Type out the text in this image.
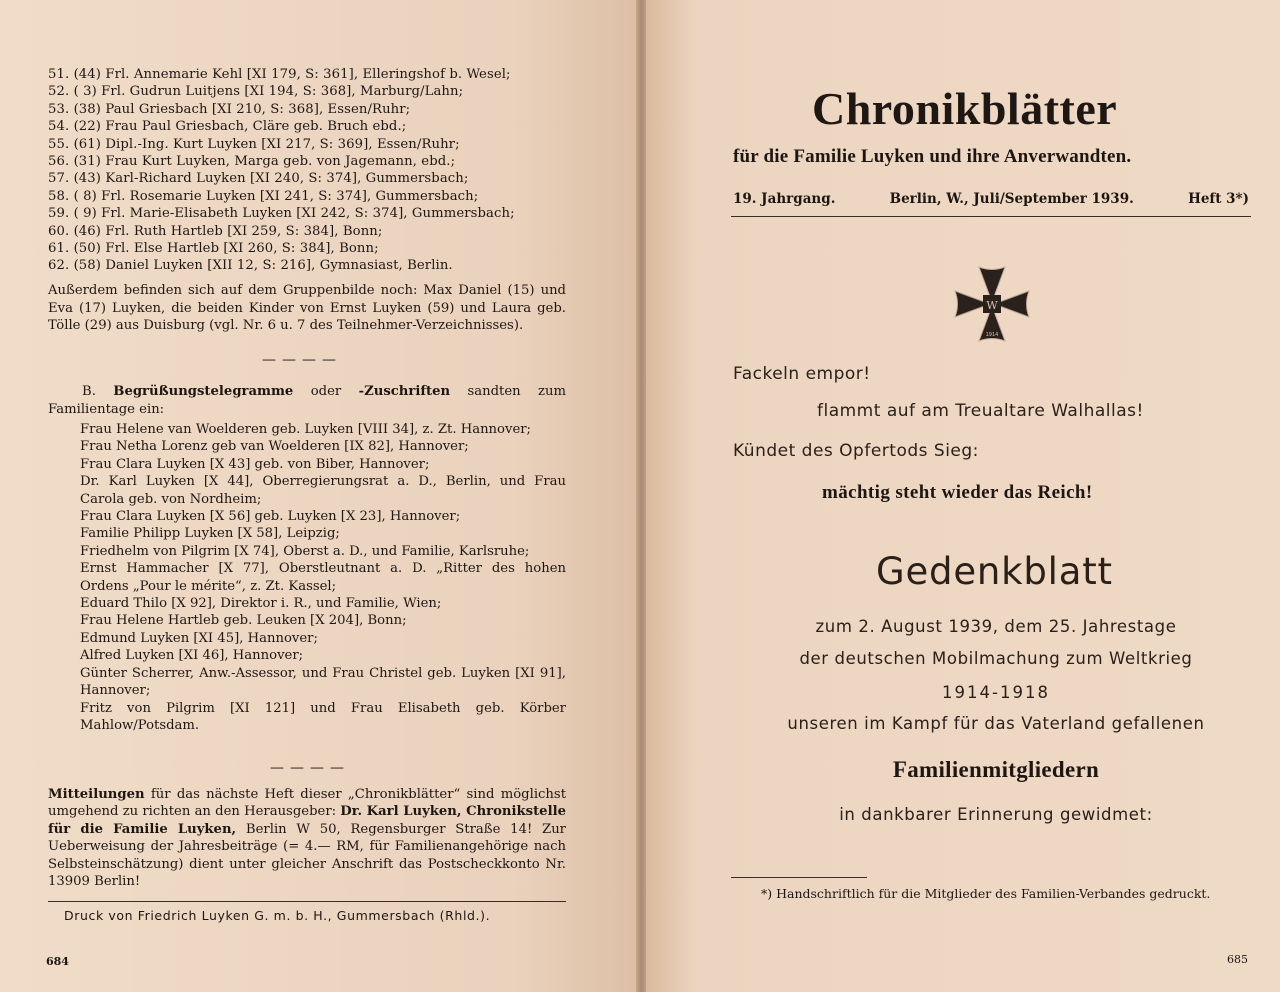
51. (44) Frl. Annemarie Kehl [XI 179, S: 361], Elleringshof b. Wesel;
52. ( 3) Frl. Gudrun Luitjens [XI 194, S: 368], Marburg/Lahn;
53. (38) Paul Griesbach [XI 210, S: 368], Essen/Ruhr;
54. (22) Frau Paul Griesbach, Cläre geb. Bruch ebd.;
55. (61) Dipl.-Ing. Kurt Luyken [XI 217, S: 369], Essen/Ruhr;
56. (31) Frau Kurt Luyken, Marga geb. von Jagemann, ebd.;
57. (43) Karl-Richard Luyken [XI 240, S: 374], Gummersbach;
58. ( 8) Frl. Rosemarie Luyken [XI 241, S: 374], Gummersbach;
59. ( 9) Frl. Marie-Elisabeth Luyken [XI 242, S: 374], Gummersbach;
60. (46) Frl. Ruth Hartleb [XI 259, S: 384], Bonn;
61. (50) Frl. Else Hartleb [XI 260, S: 384], Bonn;
62. (58) Daniel Luyken [XII 12, S: 216], Gymnasiast, Berlin.
Außerdem befinden sich auf dem Gruppenbilde noch: Max Daniel (15) und Eva (17) Luyken, die beiden Kinder von Ernst Luyken (59) und Laura geb. Tölle (29) aus Duisburg (vgl. Nr. 6 u. 7 des Teilnehmer-Verzeichnisses).
————
B. Begrüßungstelegramme oder -Zuschriften sandten zum Familientage ein:
Frau Helene van Woelderen geb. Luyken [VIII 34], z. Zt. Hannover;
Frau Netha Lorenz geb van Woelderen [IX 82], Hannover;
Frau Clara Luyken [X 43] geb. von Biber, Hannover;
Dr. Karl Luyken [X 44], Oberregierungsrat a. D., Berlin, und Frau Carola geb. von Nordheim;
Frau Clara Luyken [X 56] geb. Luyken [X 23], Hannover;
Familie Philipp Luyken [X 58], Leipzig;
Friedhelm von Pilgrim [X 74], Oberst a. D., und Familie, Karlsruhe;
Ernst Hammacher [X 77], Oberstleutnant a. D. „Ritter des hohen Ordens „Pour le mérite“, z. Zt. Kassel;
Eduard Thilo [X 92], Direktor i. R., und Familie, Wien;
Frau Helene Hartleb geb. Leuken [X 204], Bonn;
Edmund Luyken [XI 45], Hannover;
Alfred Luyken [XI 46], Hannover;
Günter Scherrer, Anw.-Assessor, und Frau Christel geb. Luyken [XI 91], Hannover;
Fritz von Pilgrim [XI 121] und Frau Elisabeth geb. Körber Mahlow/Potsdam.
————
Mitteilungen für das nächste Heft dieser „Chronikblätter“ sind möglichst umgehend zu richten an den Herausgeber: Dr. Karl Luyken, Chronikstelle für die Familie Luyken, Berlin W 50, Regensburger Straße 14! Zur Ueberweisung der Jahresbeiträge (= 4.— RM, für Familienangehörige nach Selbsteinschätzung) dient unter gleicher Anschrift das Postscheckkonto Nr. 13909 Berlin!
Druck von Friedrich Luyken G. m. b. H., Gummersbach (Rhld.).
684
Chronikblätter
für die Familie Luyken und ihre Anverwandten.
19. Jahrgang.	Berlin, W., Juli/September 1939.	Heft 3*)
W
1914
Fackeln empor!
flammt auf am Treualtare Walhallas!
Kündet des Opfertods Sieg:
mächtig steht wieder das Reich!
Gedenkblatt
zum 2. August 1939, dem 25. Jahrestage
der deutschen Mobilmachung zum Weltkrieg
1914-1918
unseren im Kampf für das Vaterland gefallenen
Familienmitgliedern
in dankbarer Erinnerung gewidmet:
*) Handschriftlich für die Mitglieder des Familien-Verbandes gedruckt.
685
